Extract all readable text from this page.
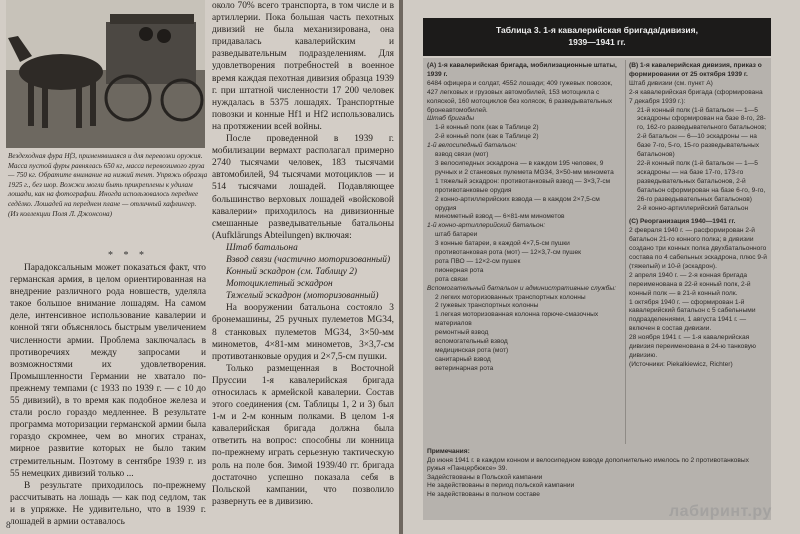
Вездеходная фура Hf3, применявшаяся и для перевозки оружия. Масса пустой фуры равнялась 650 кг, масса перевозимого груза — 750 кг. Обратите внимание на низкий тент. Упряжь образца 1925 г., без шор. Вожжи могли быть прикреплены к удилам лошади, как на фотографии. Иногда использовалось переднее седёлко. Лошадей на переднем плане — отличный хафлингер. (Из коллекции Поля Л. Джонсона)
* * *

Парадоксальным может показаться факт, что германская армия, в целом ориентированная на внедрение различного рода новшеств, уделяла такое большое внимание лошадям. На самом деле, интенсивное использование кавалерии и конной тяги объяснялось быстрым увеличением численности армии. Проблема заключалась в противоречиях между запросами и возможностями их удовлетворения. Промышленности Германии не хватало по-прежнему темпами (с 1933 по 1939 г. — с 10 до 55 дивизий), в то время как подобное железа и стали росло гораздо медленнее. В результате программа моторизации германской армии была гораздо скромнее, чем во многих странах, мирное развитие которых не было таким стремительным. Поэтому в сентябре 1939 г. из 55 немецких дивизий только ...

В результате приходилось по-прежнему рассчитывать на лошадь — как под седлом, так и в упряжке. Не удивительно, что в 1939 г. лошадей в армии оставалось

около 70% всего транспорта, в том числе и в артиллерии. Пока большая часть пехотных дивизий не была механизирована, она придавалась кавалерийским и разведывательным подразделениям. Для удовлетворения потребностей в военное время каждая пехотная дивизия образца 1939 г. при штатной численности 17 200 человек нуждалась в 5375 лошадях. Транспортные повозки и конные Hf1 и Hf2 использовались на протяжении всей войны.

После проведенной в 1939 г. мобилизации вермахт располагал примерно 2740 тысячами человек, 183 тысячами автомобилей, 94 тысячами мотоциклов — и 514 тысячами лошадей. Подавляющее большинство верховых лошадей «войсковой кавалерии» приходилось на дивизионные смешанные разведывательные батальоны (Aufklärungs Abteilungen) включая:

Штаб батальона

Взвод связи (частично моторизованный)

Конный эскадрон (см. Таблицу 2)

Мотоциклетный эскадрон

Тяжелый эскадрон (моторизованный)

На вооружении батальона состояло 3 бронемашины, 25 ручных пулеметов MG34, 8 станковых пулеметов MG34, 3×50-мм минометов, 4×81-мм минометов, 3×3,7-см противотанковые орудия и 2×7,5-см пушки.

Только размещенная в Восточной Пруссии 1-я кавалерийская бригада относилась к армейской кавалерии. Состав этого соединения (см. Таблицы 1, 2 и 3) был 1-м и 2-м конным полками. В целом 1-я кавалерийская бригада должна была ответить на вопрос: способны ли конница по-прежнему играть серьезную тактическую роль на поле боя. Зимой 1939/40 гг. бригада достаточно успешно показала себя в Польской кампании, что позволило развернуть ее в дивизию.

8
Таблица 3. 1-я кавалерийская бригада/дивизия,
1939—1941 гг.

(A) 1-я кавалерийская бригада, мобилизационные штаты, 1939 г.

6484 офицера и солдат, 4552 лошади; 409 гужевых повозок, 427 легковых и грузовых автомобилей, 153 мотоцикла с коляской, 160 мотоциклов без колясок, 6 разведывательных бронеавтомобилей.

Штаб бригады

1-й конный полк (как в Таблице 2)

2-й конный полк (как в Таблице 2)

1-й велосипедный батальон:

взвод связи (мот)

3 велосипедных эскадрона — в каждом 195 человек, 9 ручных и 2 станковых пулемета MG34, 3×50-мм миномета

1 тяжелый эскадрон: противотанковый взвод — 3×3,7-см противотанковые орудия

2 конно-артиллерийских взвода — в каждом 2×7,5-см орудия

минометный взвод — 6×81-мм минометов

1-й конно-артиллерийский батальон:

штаб батареи

3 конные батареи, в каждой 4×7,5-см пушки

противотанковая рота (мот) — 12×3,7-см пушек

рота ПВО — 12×2-см пушек

пионерная рота

рота связи

Вспомогательный батальон и административные службы:

2 легких моторизованных транспортных колонны

2 гужевых транспортных колонны

1 легкая моторизованная колонна горюче-смазочных материалов

ремонтный взвод

вспомогательный взвод

медицинская рота (мот)

санитарный взвод

ветеринарная рота

(B) 1-я кавалерийская дивизия, приказ о формировании от 25 октября 1939 г.

Штаб дивизии (см. пункт A)

2-я кавалерийская бригада (сформирована 7 декабря 1939 г.):

21-й конный полк (1-й батальон — 1—5 эскадроны сформирован на базе 8-го, 28-го, 162-го разведывательного батальонов; 2-й батальон — 6—10 эскадроны — на базе 7-го, 5-го, 15-го разведывательных батальонов)

22-й конный полк (1-й батальон — 1—5 эскадроны — на базе 17-го, 173-го разведывательных батальонов, 2-й батальон сформирован на базе 6-го, 9-го, 26-го разведывательных батальонов)

2-й конно-артиллерийский батальон

(C) Реорганизация 1940—1941 гг.

2 февраля 1940 г. — расформирован 2-й батальон 21-го конного полка; в дивизии создано три конных полка двухбатальонного состава по 4 сабельных эскадрона, плюс 9-й (тяжелый) и 10-й (эскадрон).

2 апреля 1940 г. — 2-я конная бригада переименована в 22-й конный полк, 2-й конный полк — в 21-й конный полк.

1 октября 1940 г. — сформирован 1-й кавалерийский батальон с 5 сабельными подразделениями, 1 августа 1941 г. — включен в состав дивизии.

28 ноября 1941 г. — 1-я кавалерийская дивизия переименована в 24-ю танковую дивизию.

(Источники: Piekalkiewicz, Richter)

Примечания:

До июня 1941 г. в каждом конном и велосипедном взводе дополнительно имелось по 2 противотанковых ружья «Панцербюксе» 39.

Задействованы в Польской кампании

Не задействованы в период польской кампании

Не задействованы в полном составе

лабиринт.ру
